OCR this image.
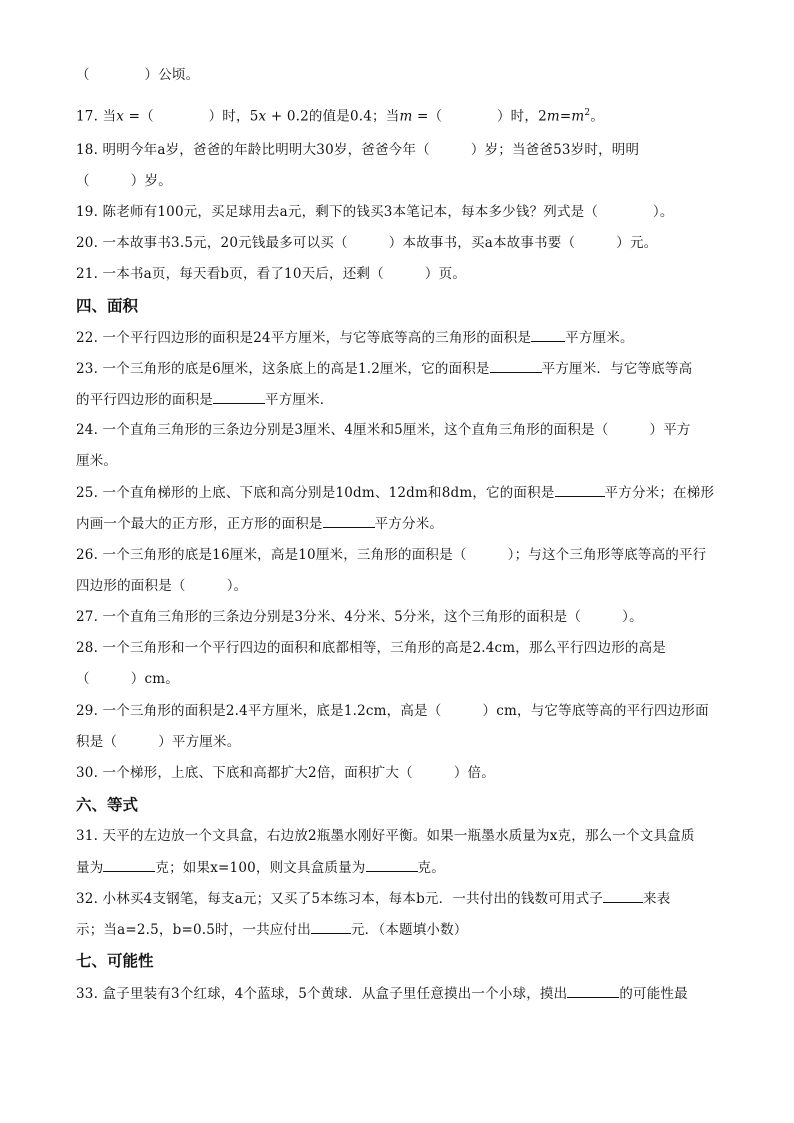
（　　　　）公顷。
17. 当x =（　　　　）时，5x + 0.2的值是0.4；当m =（　　　　）时，$2m=m^2$。
18. 明明今年a岁，爸爸的年龄比明明大30岁，爸爸今年（　　　）岁；当爸爸53岁时，明明
（　　　）岁。
19. 陈老师有100元，买足球用去a元，剩下的钱买3本笔记本，每本多少钱？列式是（　　　　）。
20. 一本故事书3.5元，20元钱最多可以买（　　　）本故事书，买a本故事书要（　　　）元。
21. 一本书a页，每天看b页，看了10天后，还剩（　　　）页。
四、面积
22. 一个平行四边形的面积是24平方厘米，与它等底等高的三角形的面积是	平方厘米。
23. 一个三角形的底是6厘米，这条底上的高是1.2厘米，它的面积是	平方厘米．与它等底等高
的平行四边形的面积是	平方厘米．
24. 一个直角三角形的三条边分别是3厘米、4厘米和5厘米，这个直角三角形的面积是（　　　）平方
厘米。
25. 一个直角梯形的上底、下底和高分别是10dm、12dm和8dm，它的面积是	平方分米；在梯形
内画一个最大的正方形，正方形的面积是	平方分米。
26. 一个三角形的底是16厘米，高是10厘米，三角形的面积是（　　　）；与这个三角形等底等高的平行
四边形的面积是（　　　）。
27. 一个直角三角形的三条边分别是3分米、4分米、5分米，这个三角形的面积是（　　　）。
28. 一个三角形和一个平行四边的面积和底都相等，三角形的高是2.4cm，那么平行四边形的高是
（　　　）cm。
29. 一个三角形的面积是2.4平方厘米，底是1.2cm，高是（　　　）cm，与它等底等高的平行四边形面
积是（　　　）平方厘米。
30. 一个梯形，上底、下底和高都扩大2倍，面积扩大（　　　）倍。
六、等式
31. 天平的左边放一个文具盒，右边放2瓶墨水刚好平衡。如果一瓶墨水质量为x克，那么一个文具盒质
量为	克；如果x=100，则文具盒质量为	克。
32. 小林买4支钢笔，每支a元；又买了5本练习本，每本b元．一共付出的钱数可用式子	来表
示；当a=2.5，b=0.5时，一共应付出	元．（本题填小数）
七、可能性
33. 盒子里装有3个红球，4个蓝球，5个黄球．从盒子里任意摸出一个小球，摸出	的可能性最
